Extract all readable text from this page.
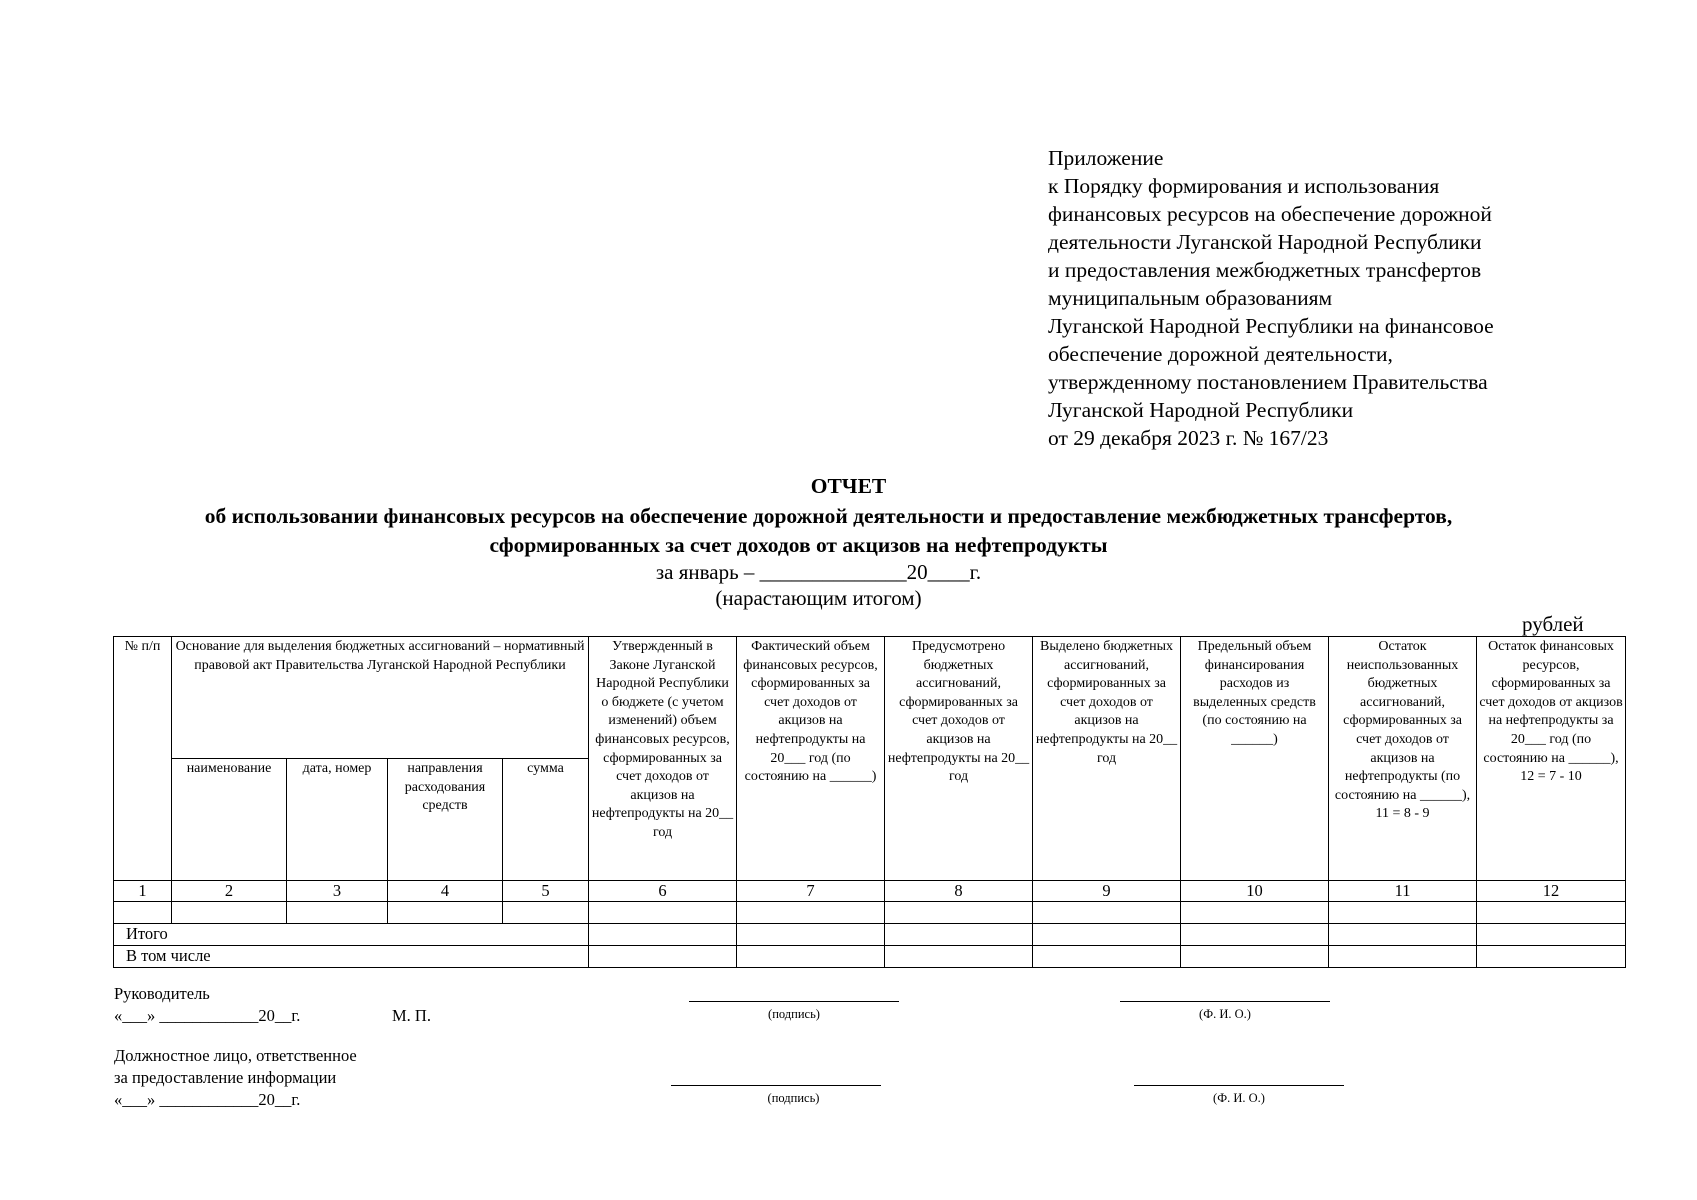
Приложение
к Порядку формирования и использования
финансовых ресурсов на обеспечение дорожной
деятельности Луганской Народной Республики
и предоставления межбюджетных трансфертов
муниципальным образованиям
Луганской Народной Республики на финансовое
обеспечение дорожной деятельности,
утвержденному постановлением Правительства
Луганской Народной Республики
от 29 декабря 2023 г. № 167/23
ОТЧЕТ
об использовании финансовых ресурсов на обеспечение дорожной деятельности и предоставление межбюджетных трансфертов,
сформированных за счет доходов от акцизов на нефтепродукты
за январь – ______________20____г.
(нарастающим итогом)
рублей
№ п/п	Основание для выделения бюджетных ассигнований – нормативный правовой акт Правительства Луганской Народной Республики				Утвержденный в Законе Луганской Народной Республики о бюджете (с учетом изменений) объем финансовых ресурсов, сформированных за счет доходов от акцизов на нефтепродукты на 20__ год	Фактический объем финансовых ресурсов, сформированных за счет доходов от акцизов на нефтепродукты на 20___ год (по состоянию на ______)	Предусмотрено бюджетных ассигнований, сформированных за счет доходов от акцизов на нефтепродукты на 20__ год	Выделено бюджетных ассигнований, сформированных за счет доходов от акцизов на нефтепродукты на 20__ год	Предельный объем финансирования расходов из выделенных средств (по состоянию на ______)	Остаток неиспользованных бюджетных ассигнований, сформированных за счет доходов от акцизов на нефтепродукты (по состоянию на ______), 11 = 8 - 9	Остаток финансовых ресурсов, сформированных за счет доходов от акцизов на нефтепродукты за 20___ год (по состоянию на ______), 12 = 7 - 10
	наименование	дата, номер	направления расходования средств	сумма							
1	2	3	4	5	6	7	8	9	10	11	12

Итого											
В том числе											
Руководитель
«___» ____________20__г.	М. П.	(подпись)	(Ф. И. О.)
Должностное лицо, ответственное
за предоставление информации
«___» ____________20__г.	(подпись)	(Ф. И. О.)
